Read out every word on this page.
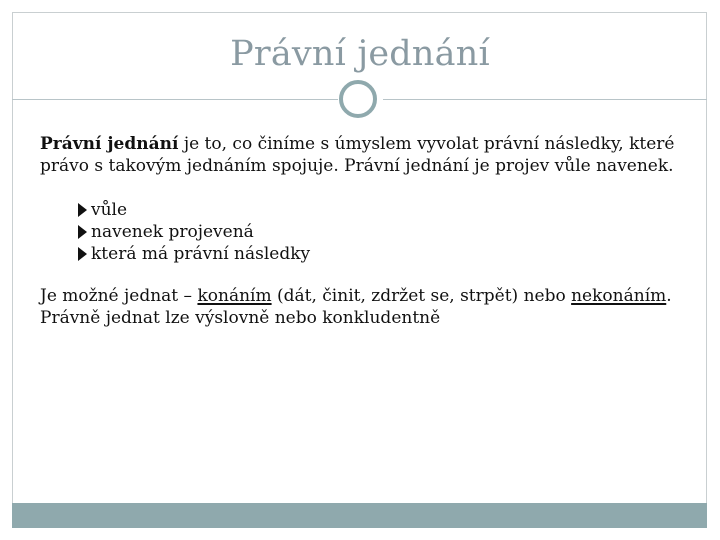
Právní jednání
Právní jednání je to, co činíme s úmyslem vyvolat právní následky, které
právo s takovým jednáním spojuje. Právní jednání je projev vůle navenek.
vůle
navenek projevená
která má právní následky
Je možné jednat – konáním (dát, činit, zdržet se, strpět) nebo nekonáním.
Právně jednat lze výslovně nebo konkludentně
